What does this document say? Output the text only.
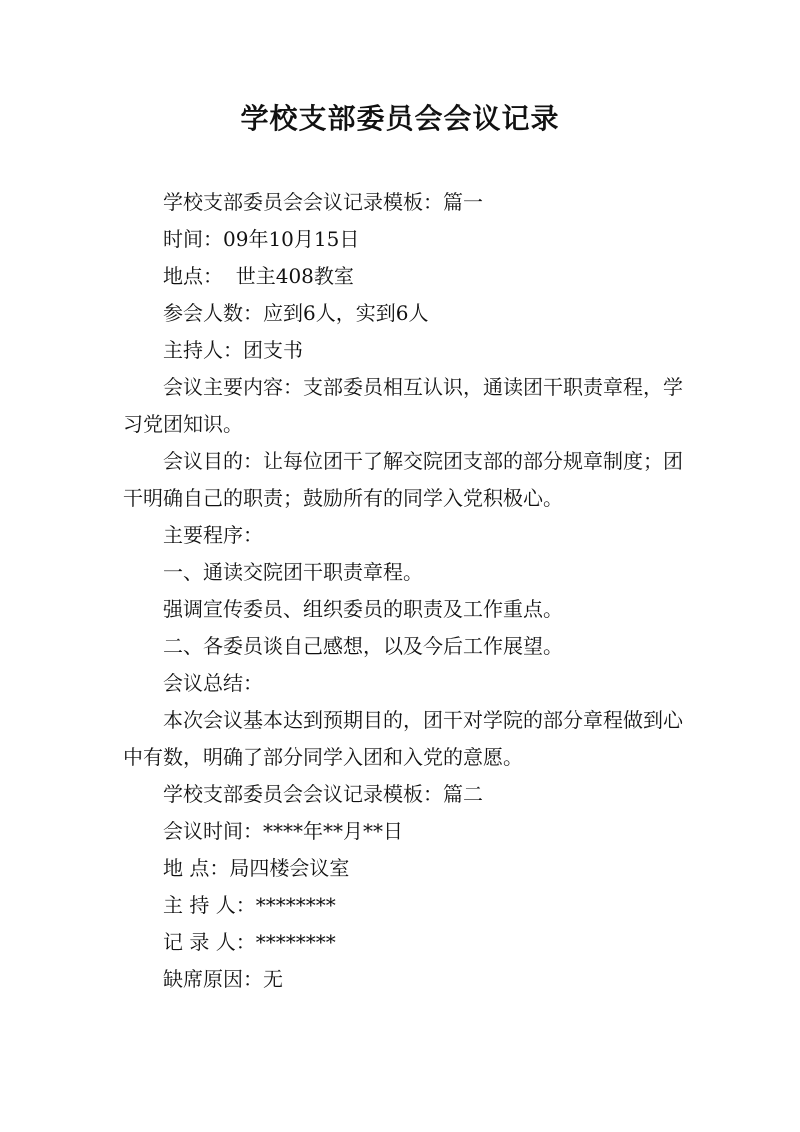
学校支部委员会会议记录

学校支部委员会会议记录模板：篇一

时间：09年10月15日

地点：  世主408教室

参会人数：应到6人，实到6人

主持人：团支书

会议主要内容：支部委员相互认识，通读团干职责章程，学习党团知识。

会议目的：让每位团干了解交院团支部的部分规章制度；团干明确自己的职责；鼓励所有的同学入党积极心。

主要程序：

一、通读交院团干职责章程。

强调宣传委员、组织委员的职责及工作重点。

二、各委员谈自己感想，以及今后工作展望。

会议总结：

本次会议基本达到预期目的，团干对学院的部分章程做到心中有数，明确了部分同学入团和入党的意愿。

学校支部委员会会议记录模板：篇二

会议时间：****年**月**日

地 点：局四楼会议室

主 持 人：********

记 录 人：********

缺席原因：无
